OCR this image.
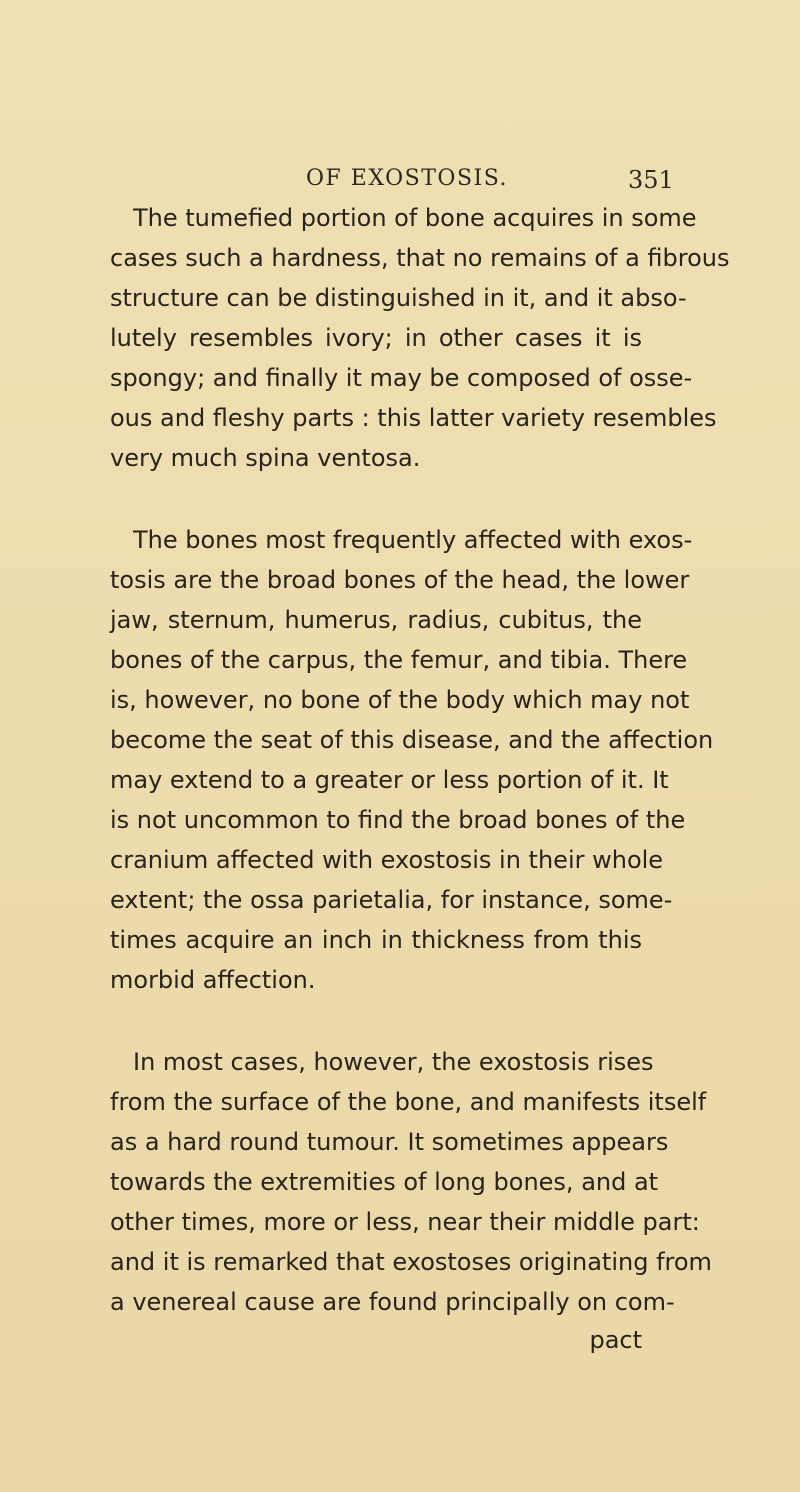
OF EXOSTOSIS.	351
The tumefied portion of bone acquires in some
cases such a hardness, that no remains of a fibrous
structure can be distinguished in it, and it abso-
lutely resembles ivory; in other cases it is
spongy; and finally it may be composed of osse-
ous and fleshy parts : this latter variety resembles
very much spina ventosa.
The bones most frequently affected with exos-
tosis are the broad bones of the head, the lower
jaw, sternum, humerus, radius, cubitus, the
bones of the carpus, the femur, and tibia. There
is, however, no bone of the body which may not
become the seat of this disease, and the affection
may extend to a greater or less portion of it. It
is not uncommon to find the broad bones of the
cranium affected with exostosis in their whole
extent; the ossa parietalia, for instance, some-
times acquire an inch in thickness from this
morbid affection.
In most cases, however, the exostosis rises
from the surface of the bone, and manifests itself
as a hard round tumour. It sometimes appears
towards the extremities of long bones, and at
other times, more or less, near their middle part:
and it is remarked that exostoses originating from
a venereal cause are found principally on com-
pact
